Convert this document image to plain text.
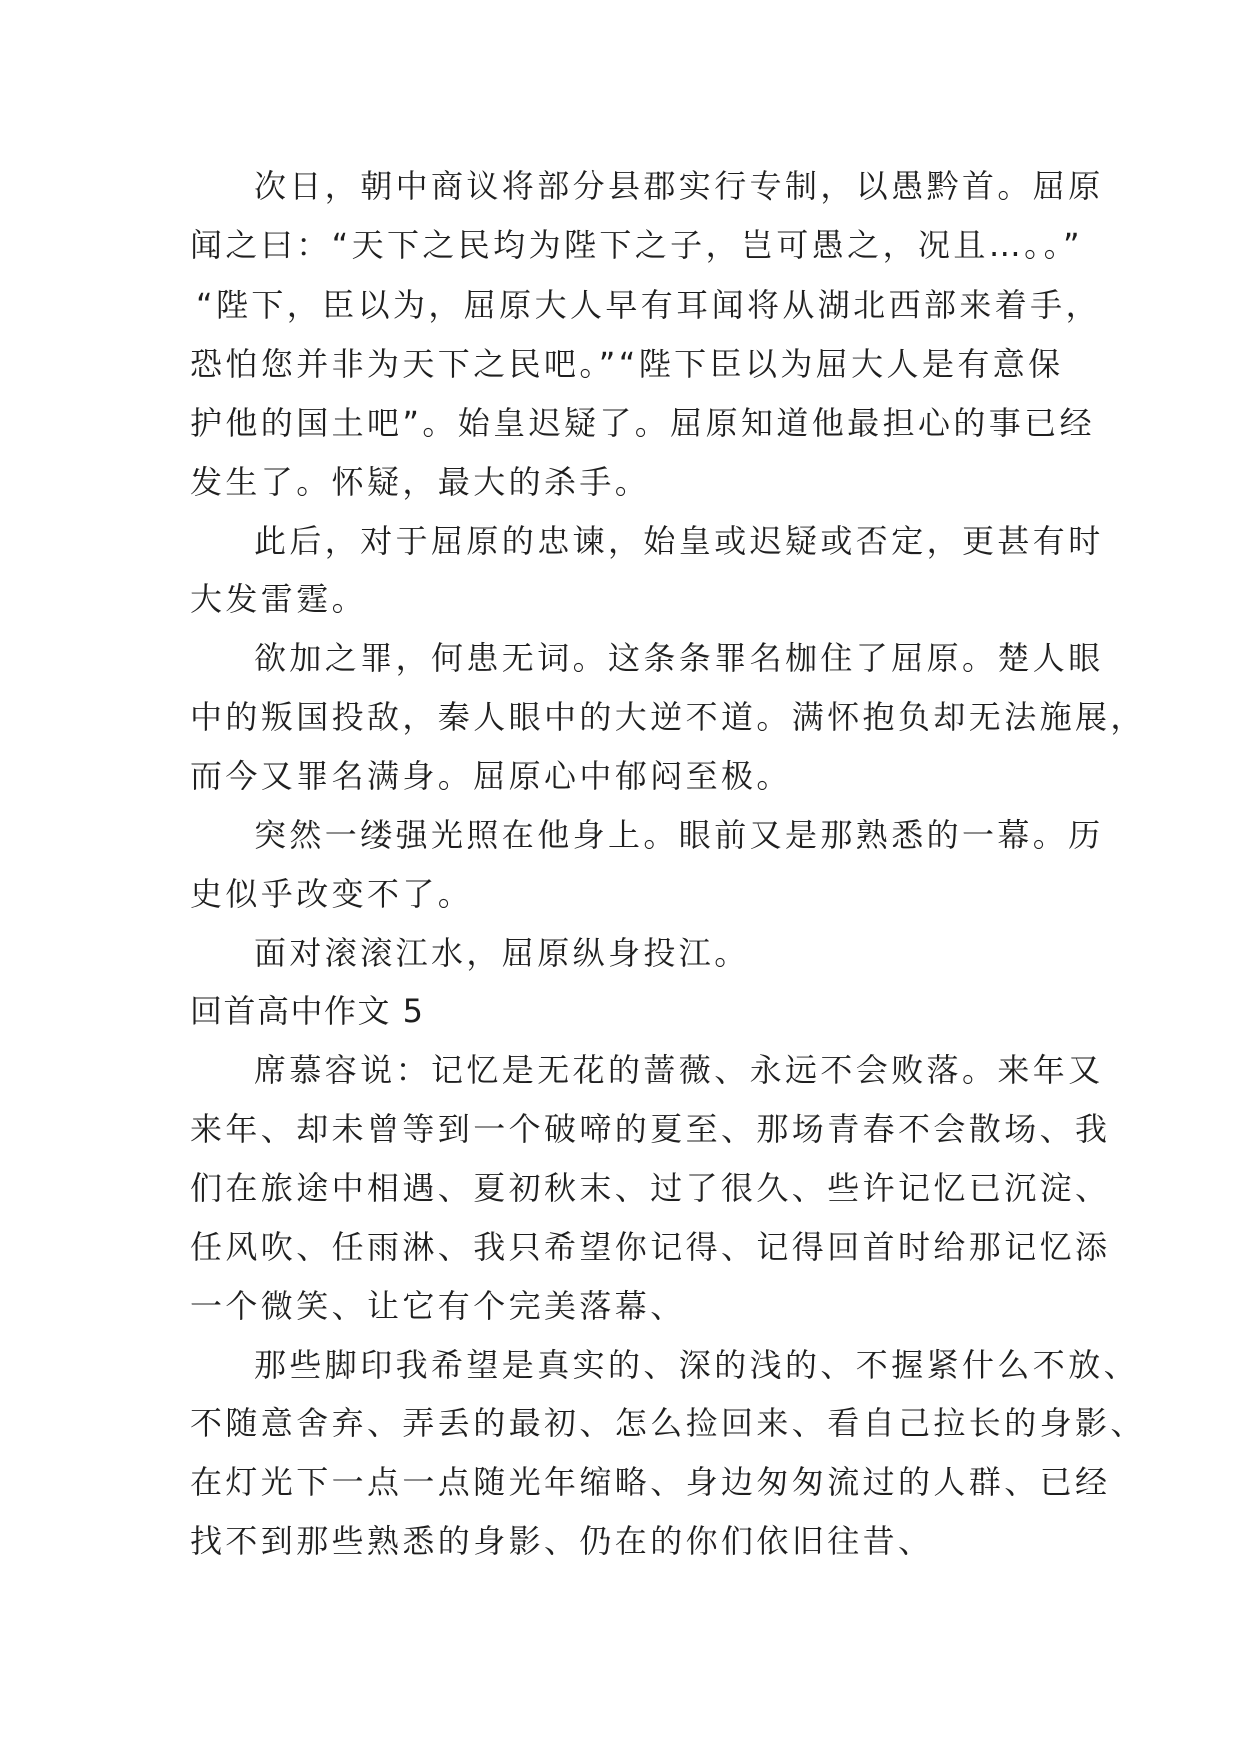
次日，朝中商议将部分县郡实行专制，以愚黔首。屈原
闻之曰：“天下之民均为陛下之子，岂可愚之，况且…。。”
“陛下，臣以为，屈原大人早有耳闻将从湖北西部来着手，
恐怕您并非为天下之民吧。”“陛下臣以为屈大人是有意保
护他的国土吧”。始皇迟疑了。屈原知道他最担心的事已经
发生了。怀疑，最大的杀手。
此后，对于屈原的忠谏，始皇或迟疑或否定，更甚有时
大发雷霆。
欲加之罪，何患无词。这条条罪名枷住了屈原。楚人眼
中的叛国投敌，秦人眼中的大逆不道。满怀抱负却无法施展，
而今又罪名满身。屈原心中郁闷至极。
突然一缕强光照在他身上。眼前又是那熟悉的一幕。历
史似乎改变不了。
面对滚滚江水，屈原纵身投江。
回首高中作文 5
席慕容说：记忆是无花的蔷薇、永远不会败落。来年又
来年、却未曾等到一个破啼的夏至、那场青春不会散场、我
们在旅途中相遇、夏初秋末、过了很久、些许记忆已沉淀、
任风吹、任雨淋、我只希望你记得、记得回首时给那记忆添
一个微笑、让它有个完美落幕、
那些脚印我希望是真实的、深的浅的、不握紧什么不放、
不随意舍弃、弄丢的最初、怎么捡回来、看自己拉长的身影、
在灯光下一点一点随光年缩略、身边匆匆流过的人群、已经
找不到那些熟悉的身影、仍在的你们依旧往昔、
